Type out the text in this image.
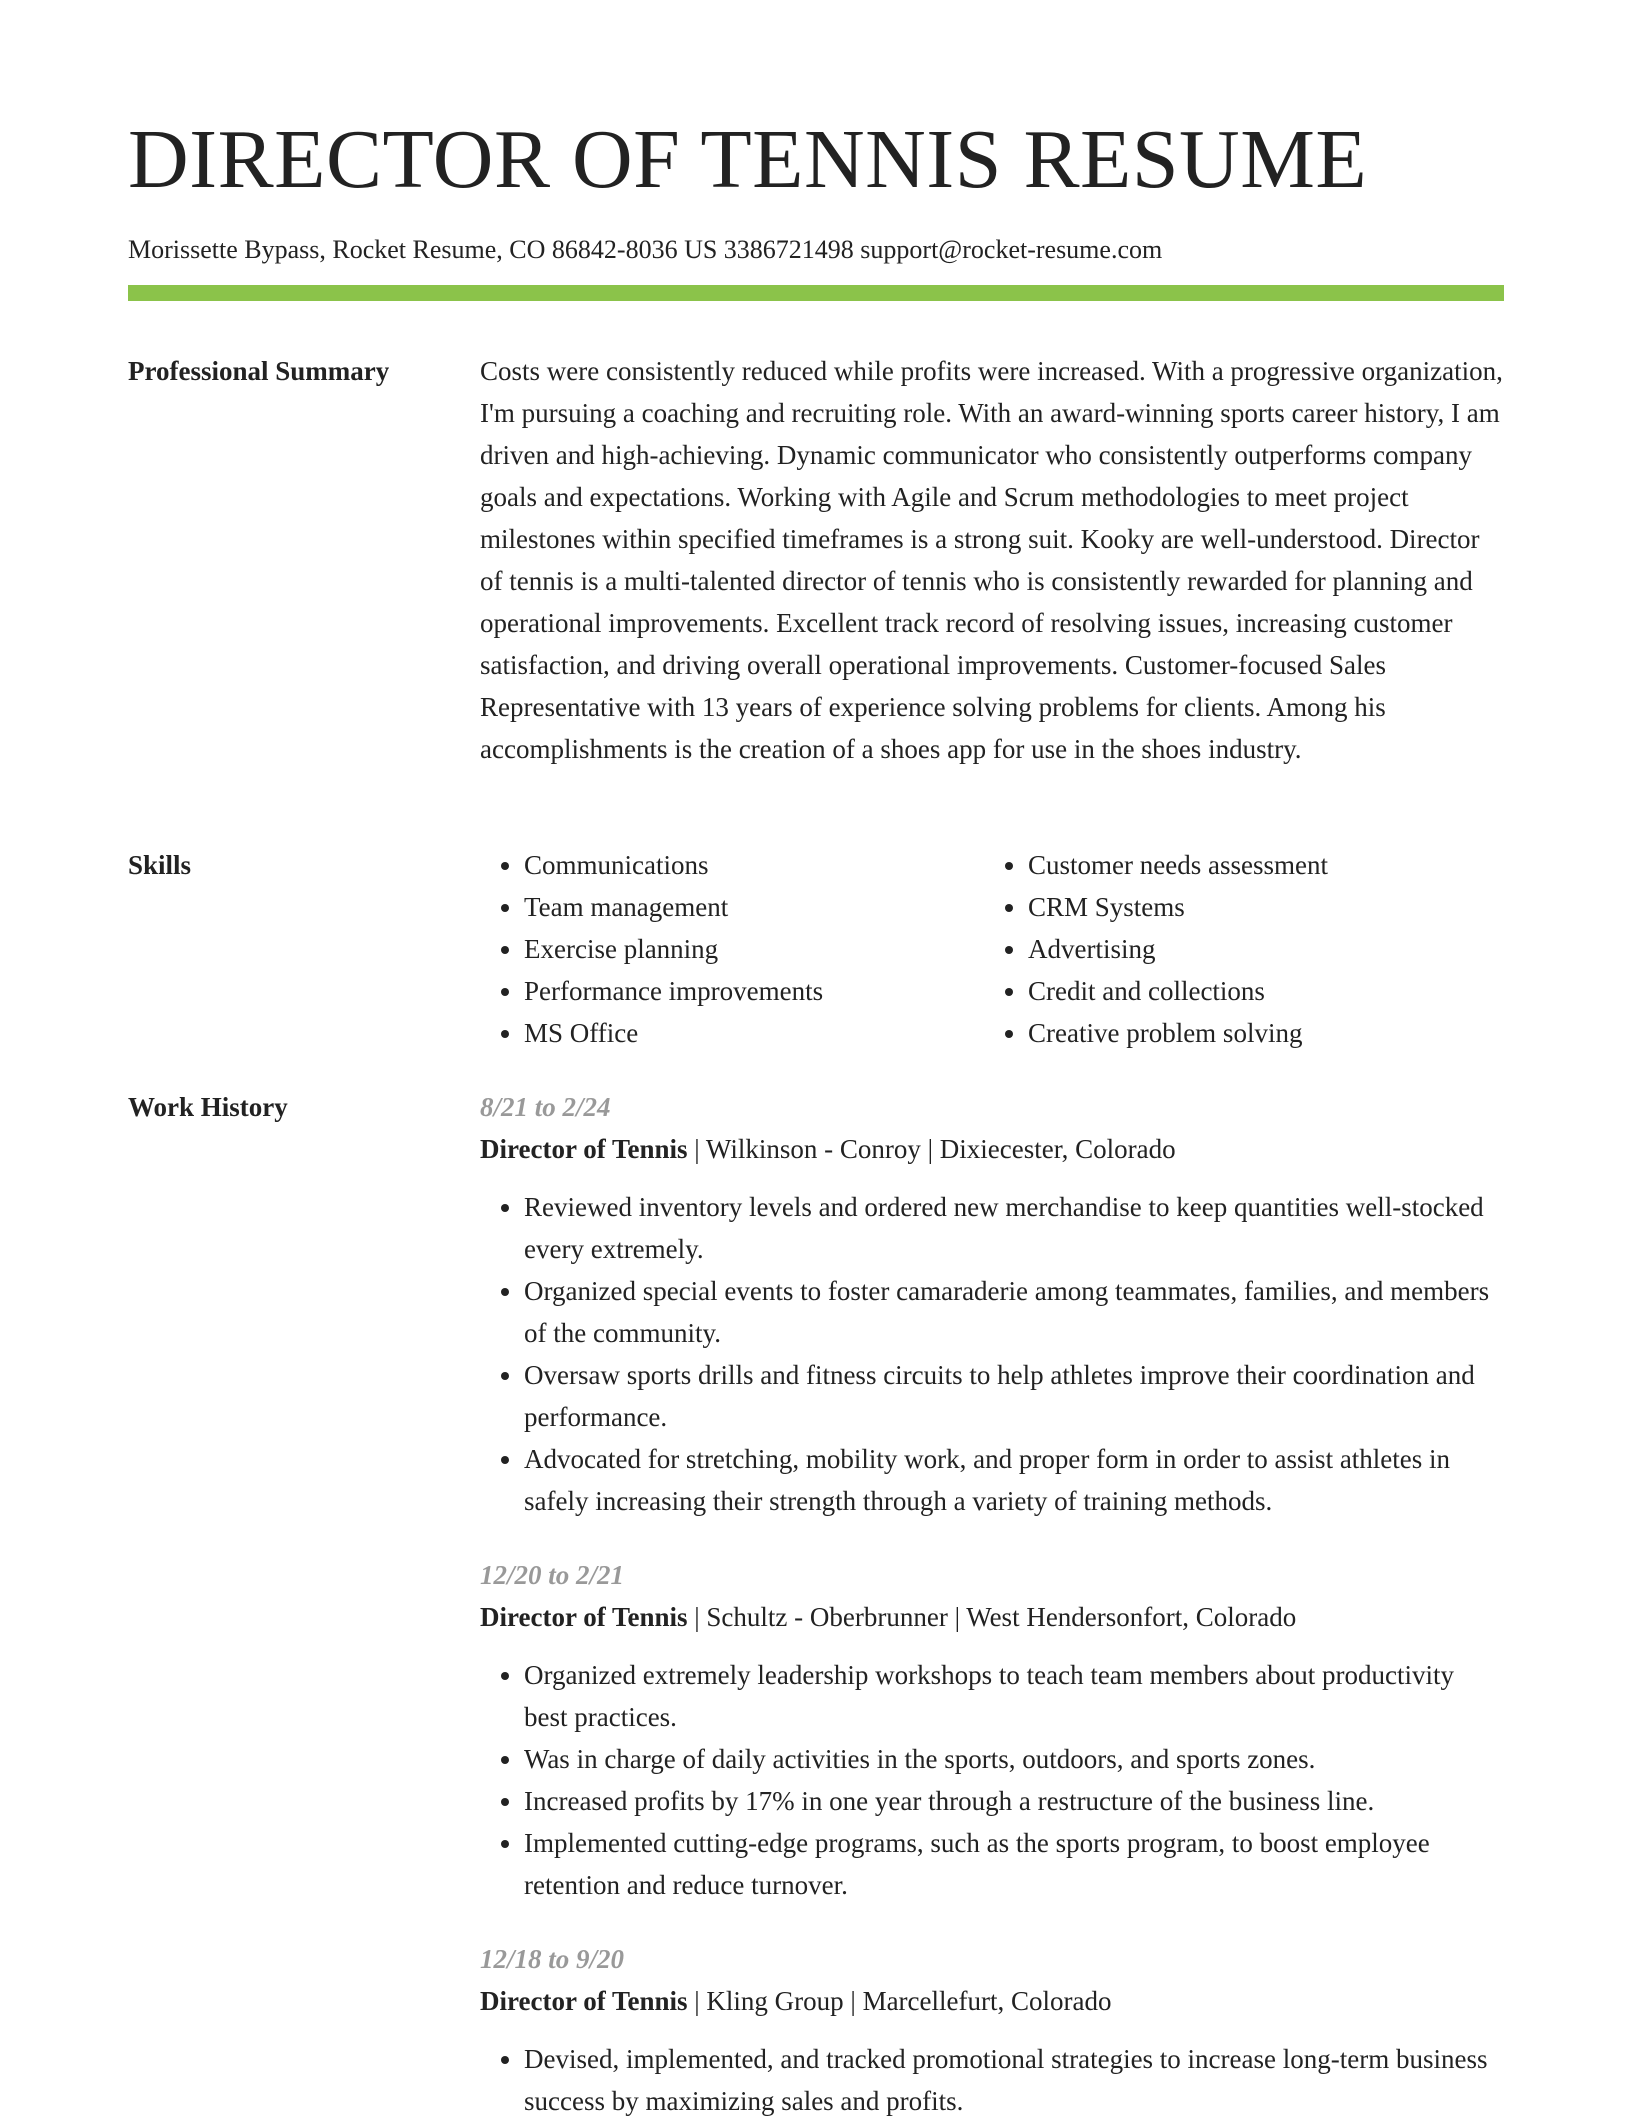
DIRECTOR OF TENNIS RESUME
Morissette Bypass, Rocket Resume, CO 86842-8036 US 3386721498 support@rocket-resume.com
Professional Summary	Costs were consistently reduced while profits were increased. With a progressive organization, I'm pursuing a coaching and recruiting role. With an award-winning sports career history, I am driven and high-achieving. Dynamic communicator who consistently outperforms company goals and expectations. Working with Agile and Scrum methodologies to meet project milestones within specified timeframes is a strong suit. Kooky are well-understood. Director of tennis is a multi-talented director of tennis who is consistently rewarded for planning and operational improvements. Excellent track record of resolving issues, increasing customer satisfaction, and driving overall operational improvements. Customer-focused Sales Representative with 13 years of experience solving problems for clients. Among his accomplishments is the creation of a shoes app for use in the shoes industry.

Skills
•	Communications
• Team management
• Exercise planning
• Performance improvements
• MS Office
• Customer needs assessment
• CRM Systems
• Advertising
• Credit and collections
• Creative problem solving
Work History	8/21 to 2/24
Director of Tennis | Wilkinson - Conroy | Dixiecester, Colorado
• Reviewed inventory levels and ordered new merchandise to keep quantities well-stocked every extremely.
• Organized special events to foster camaraderie among teammates, families, and members of the community.
• Oversaw sports drills and fitness circuits to help athletes improve their coordination and performance.
• Advocated for stretching, mobility work, and proper form in order to assist athletes in safely increasing their strength through a variety of training methods.
12/20 to 2/21
Director of Tennis | Schultz - Oberbrunner | West Hendersonfort, Colorado
• Organized extremely leadership workshops to teach team members about productivity best practices.
• Was in charge of daily activities in the sports, outdoors, and sports zones.
• Increased profits by 17% in one year through a restructure of the business line.
• Implemented cutting-edge programs, such as the sports program, to boost employee retention and reduce turnover.
12/18 to 9/20
Director of Tennis | Kling Group | Marcellefurt, Colorado
• Devised, implemented, and tracked promotional strategies to increase long-term business success by maximizing sales and profits.
